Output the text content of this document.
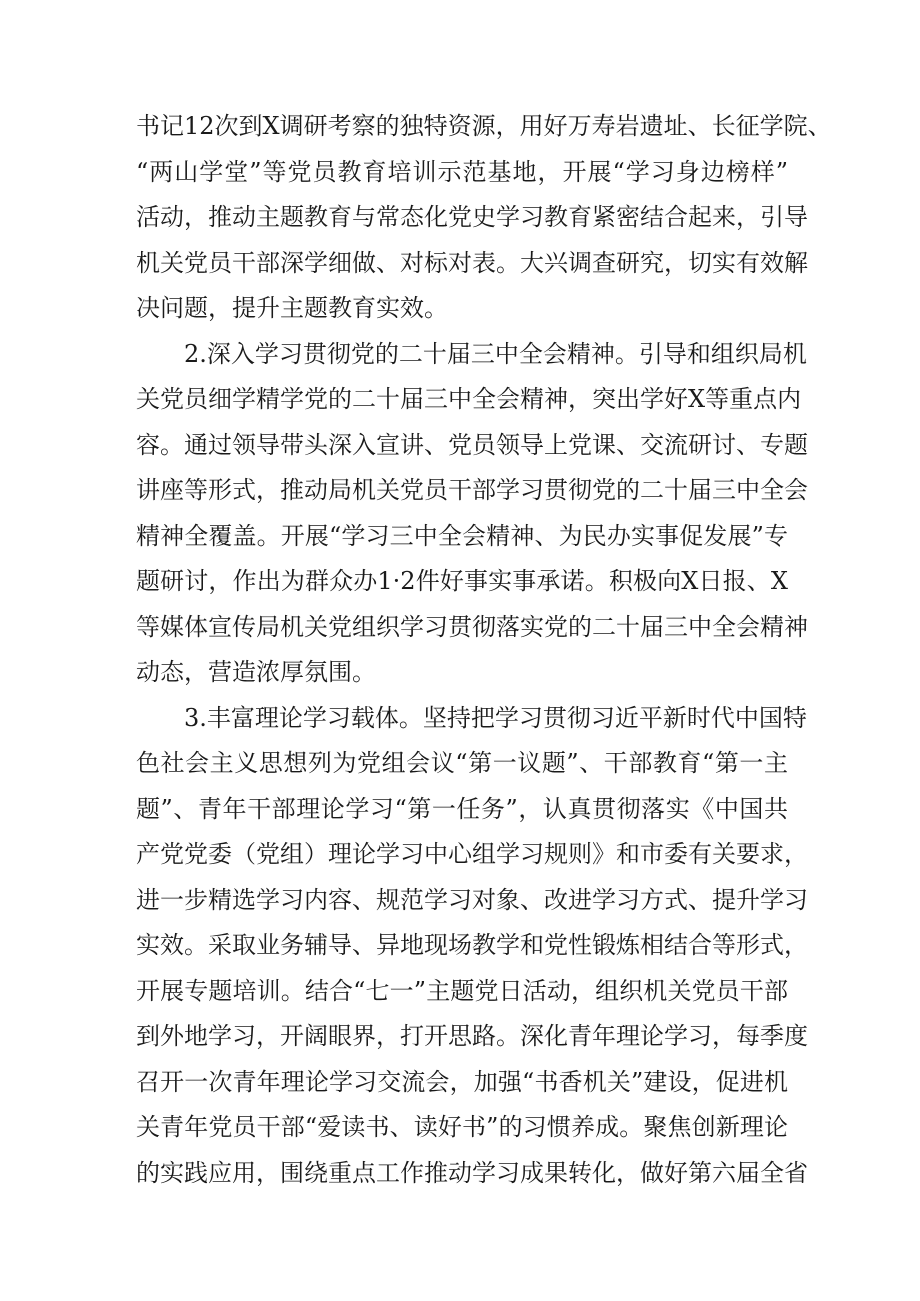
书记12次到X调研考察的独特资源，用好万寿岩遗址、长征学院、
“两山学堂”等党员教育培训示范基地，开展“学习身边榜样”
活动，推动主题教育与常态化党史学习教育紧密结合起来，引导
机关党员干部深学细做、对标对表。大兴调查研究，切实有效解
决问题，提升主题教育实效。
2.深入学习贯彻党的二十届三中全会精神。引导和组织局机
关党员细学精学党的二十届三中全会精神，突出学好X等重点内
容。通过领导带头深入宣讲、党员领导上党课、交流研讨、专题
讲座等形式，推动局机关党员干部学习贯彻党的二十届三中全会
精神全覆盖。开展“学习三中全会精神、为民办实事促发展”专
题研讨，作出为群众办1·2件好事实事承诺。积极向X日报、X
等媒体宣传局机关党组织学习贯彻落实党的二十届三中全会精神
动态，营造浓厚氛围。
3.丰富理论学习载体。坚持把学习贯彻习近平新时代中国特
色社会主义思想列为党组会议“第一议题”、干部教育“第一主
题”、青年干部理论学习“第一任务”，认真贯彻落实《中国共
产党党委（党组）理论学习中心组学习规则》和市委有关要求，
进一步精选学习内容、规范学习对象、改进学习方式、提升学习
实效。采取业务辅导、异地现场教学和党性锻炼相结合等形式，
开展专题培训。结合“七一”主题党日活动，组织机关党员干部
到外地学习，开阔眼界，打开思路。深化青年理论学习，每季度
召开一次青年理论学习交流会，加强“书香机关”建设，促进机
关青年党员干部“爱读书、读好书”的习惯养成。聚焦创新理论
的实践应用，围绕重点工作推动学习成果转化，做好第六届全省
